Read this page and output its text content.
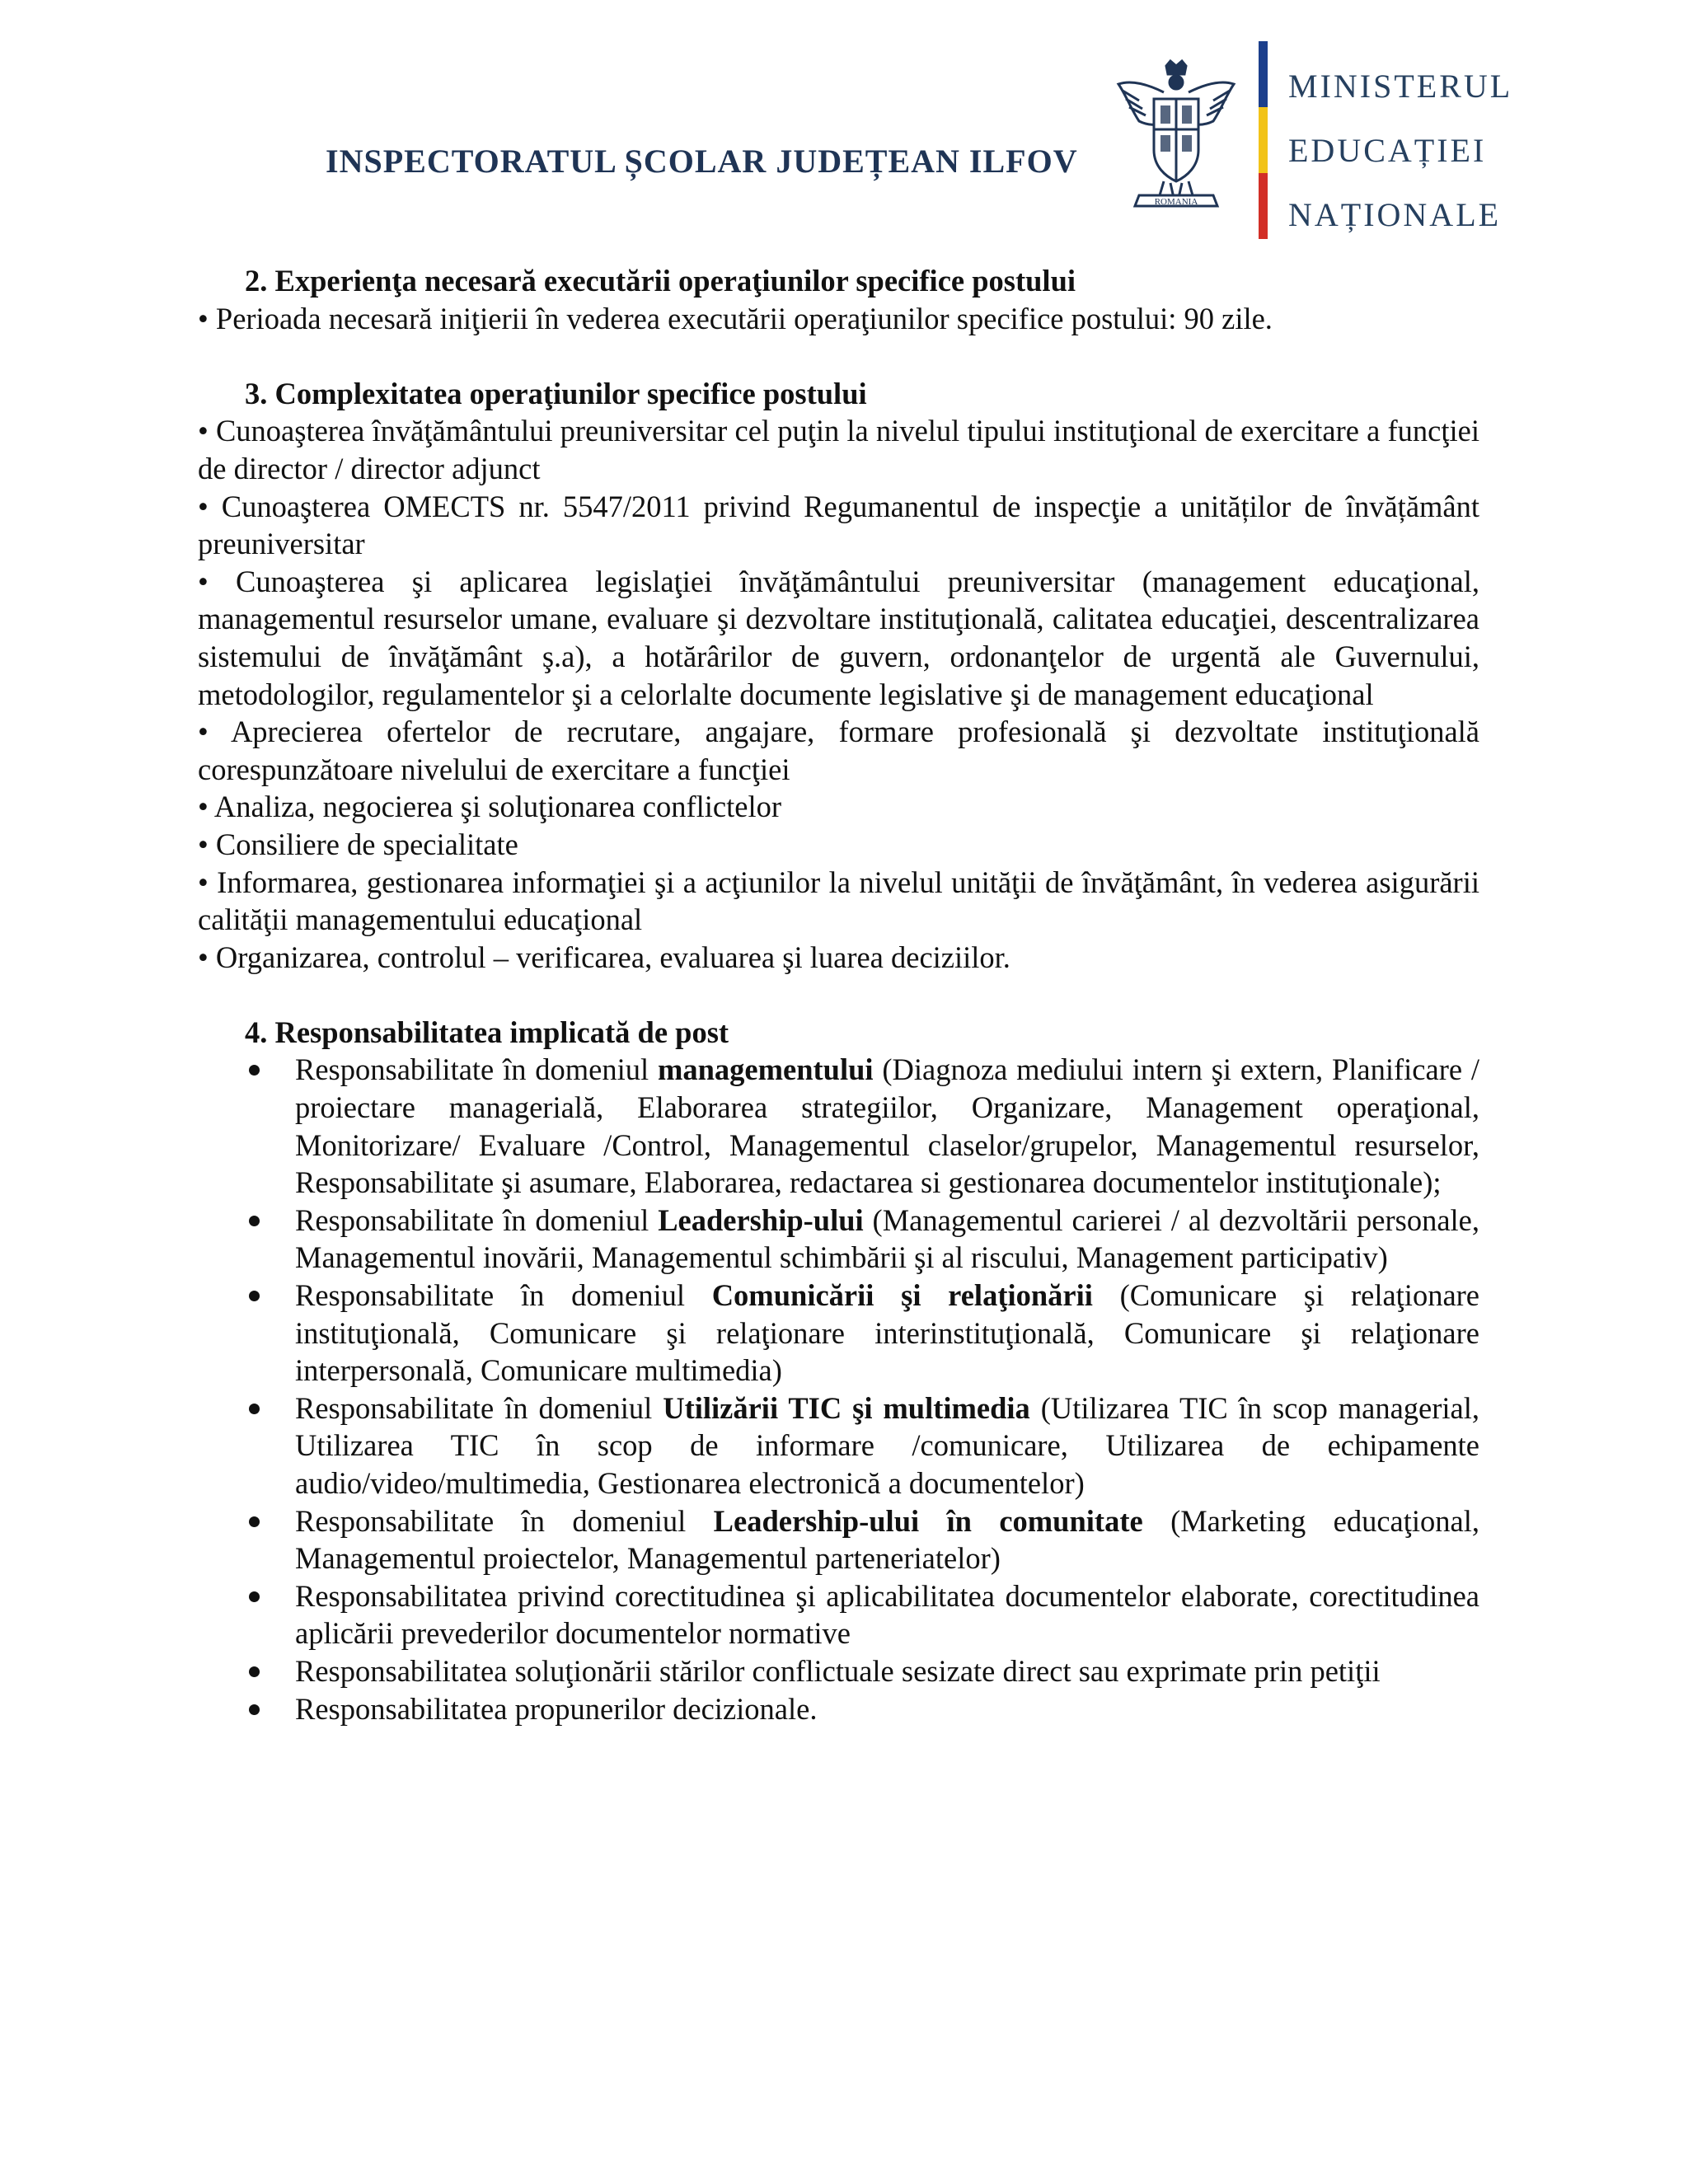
INSPECTORATUL ȘCOLAR JUDEȚEAN ILFOV
ROMANIA
MINISTERUL
EDUCAȚIEI
NAȚIONALE

2. Experienţa necesară executării operaţiunilor specifice postului

• Perioada necesară iniţierii în vederea executării operaţiunilor specifice postului: 90 zile.

3. Complexitatea operaţiunilor specifice postului

• Cunoaşterea învăţământului preuniversitar cel puţin la nivelul tipului instituţional de exercitare a funcţiei de director / director adjunct

• Cunoaşterea OMECTS nr. 5547/2011 privind Regumanentul de inspecţie a unităților de învățământ preuniversitar

• Cunoaşterea şi aplicarea legislaţiei învăţământului preuniversitar (management educaţional, managementul resurselor umane, evaluare şi dezvoltare instituţională, calitatea educaţiei, descentralizarea sistemului de învăţământ ş.a), a hotărârilor de guvern, ordonanţelor de urgentă ale Guvernului, metodologilor, regulamentelor şi a celorlalte documente legislative şi de management educaţional

• Aprecierea ofertelor de recrutare, angajare, formare profesională şi dezvoltate instituţională corespunzătoare nivelului de exercitare a funcţiei

• Analiza, negocierea şi soluţionarea conflictelor

• Consiliere de specialitate

• Informarea, gestionarea informaţiei şi a acţiunilor la nivelul unităţii de învăţământ, în vederea asigurării calităţii managementului educaţional

• Organizarea, controlul – verificarea, evaluarea şi luarea deciziilor.

4. Responsabilitatea implicată de post

Responsabilitate în domeniul managementului (Diagnoza mediului intern şi extern, Planificare / proiectare managerială, Elaborarea strategiilor, Organizare, Management operaţional, Monitorizare/ Evaluare /Control, Managementul claselor/grupelor, Managementul resurselor, Responsabilitate şi asumare, Elaborarea, redactarea si gestionarea documentelor instituţionale);
Responsabilitate în domeniul Leadership-ului (Managementul carierei / al dezvoltării personale, Managementul inovării, Managementul schimbării şi al riscului, Management participativ)
Responsabilitate în domeniul Comunicării şi relaţionării (Comunicare şi relaţionare instituţională, Comunicare şi relaţionare interinstituţională, Comunicare şi relaţionare interpersonală, Comunicare multimedia)
Responsabilitate în domeniul Utilizării TIC şi multimedia (Utilizarea TIC în scop managerial, Utilizarea TIC în scop de informare /comunicare, Utilizarea de echipamente audio/video/multimedia, Gestionarea electronică a documentelor)
Responsabilitate în domeniul Leadership-ului în comunitate (Marketing educaţional, Managementul proiectelor, Managementul parteneriatelor)
Responsabilitatea privind corectitudinea şi aplicabilitatea documentelor elaborate, corectitudinea aplicării prevederilor documentelor normative
Responsabilitatea soluţionării stărilor conflictuale sesizate direct sau exprimate prin petiţii
Responsabilitatea propunerilor decizionale.
